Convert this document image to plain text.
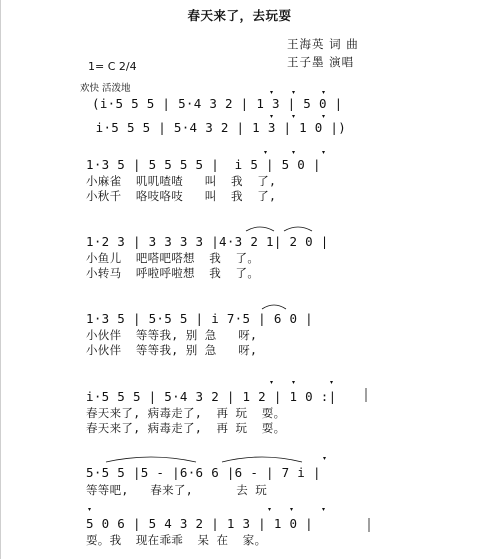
春天来了，去玩耍
王海英 词 曲
王子墨 演唱
1= C 2/4
欢快 活泼地
(i·5 5 5 | 5·4 3 2 | 1 3 | 5 0 |
i·5 5 5 | 5·4 3 2 | 1 3 | 1 0 |)
1·3 5 | 5 5 5 5 |  i 5 | 5 0 |
小麻雀  叽叽喳喳   叫  我  了,
小秋千  咯吱咯吱   叫  我  了,
1·2 3 | 3 3 3 3 |4·3 2 1| 2 0 |
小鱼儿  吧嗒吧嗒想  我  了。
小转马  呼啦呼啦想  我  了。
1·3 5 | 5·5 5 | i 7·5 | 6 0 |
小伙伴  等等我, 别 急   呀,
小伙伴  等等我, 别 急   呀,
i·5 5 5 | 5·4 3 2 | 1 2 | 1 0 :|
春天来了, 病毒走了,  再 玩  耍。
春天来了, 病毒走了,  再 玩  耍。
5·5 5 |5 - |6·6 6 |6 - | 7 i |
等等吧,   春来了,      去 玩
5 0 6 | 5 4 3 2 | 1 3 | 1 0 |
耍。我  现在乖乖  呆 在  家。
